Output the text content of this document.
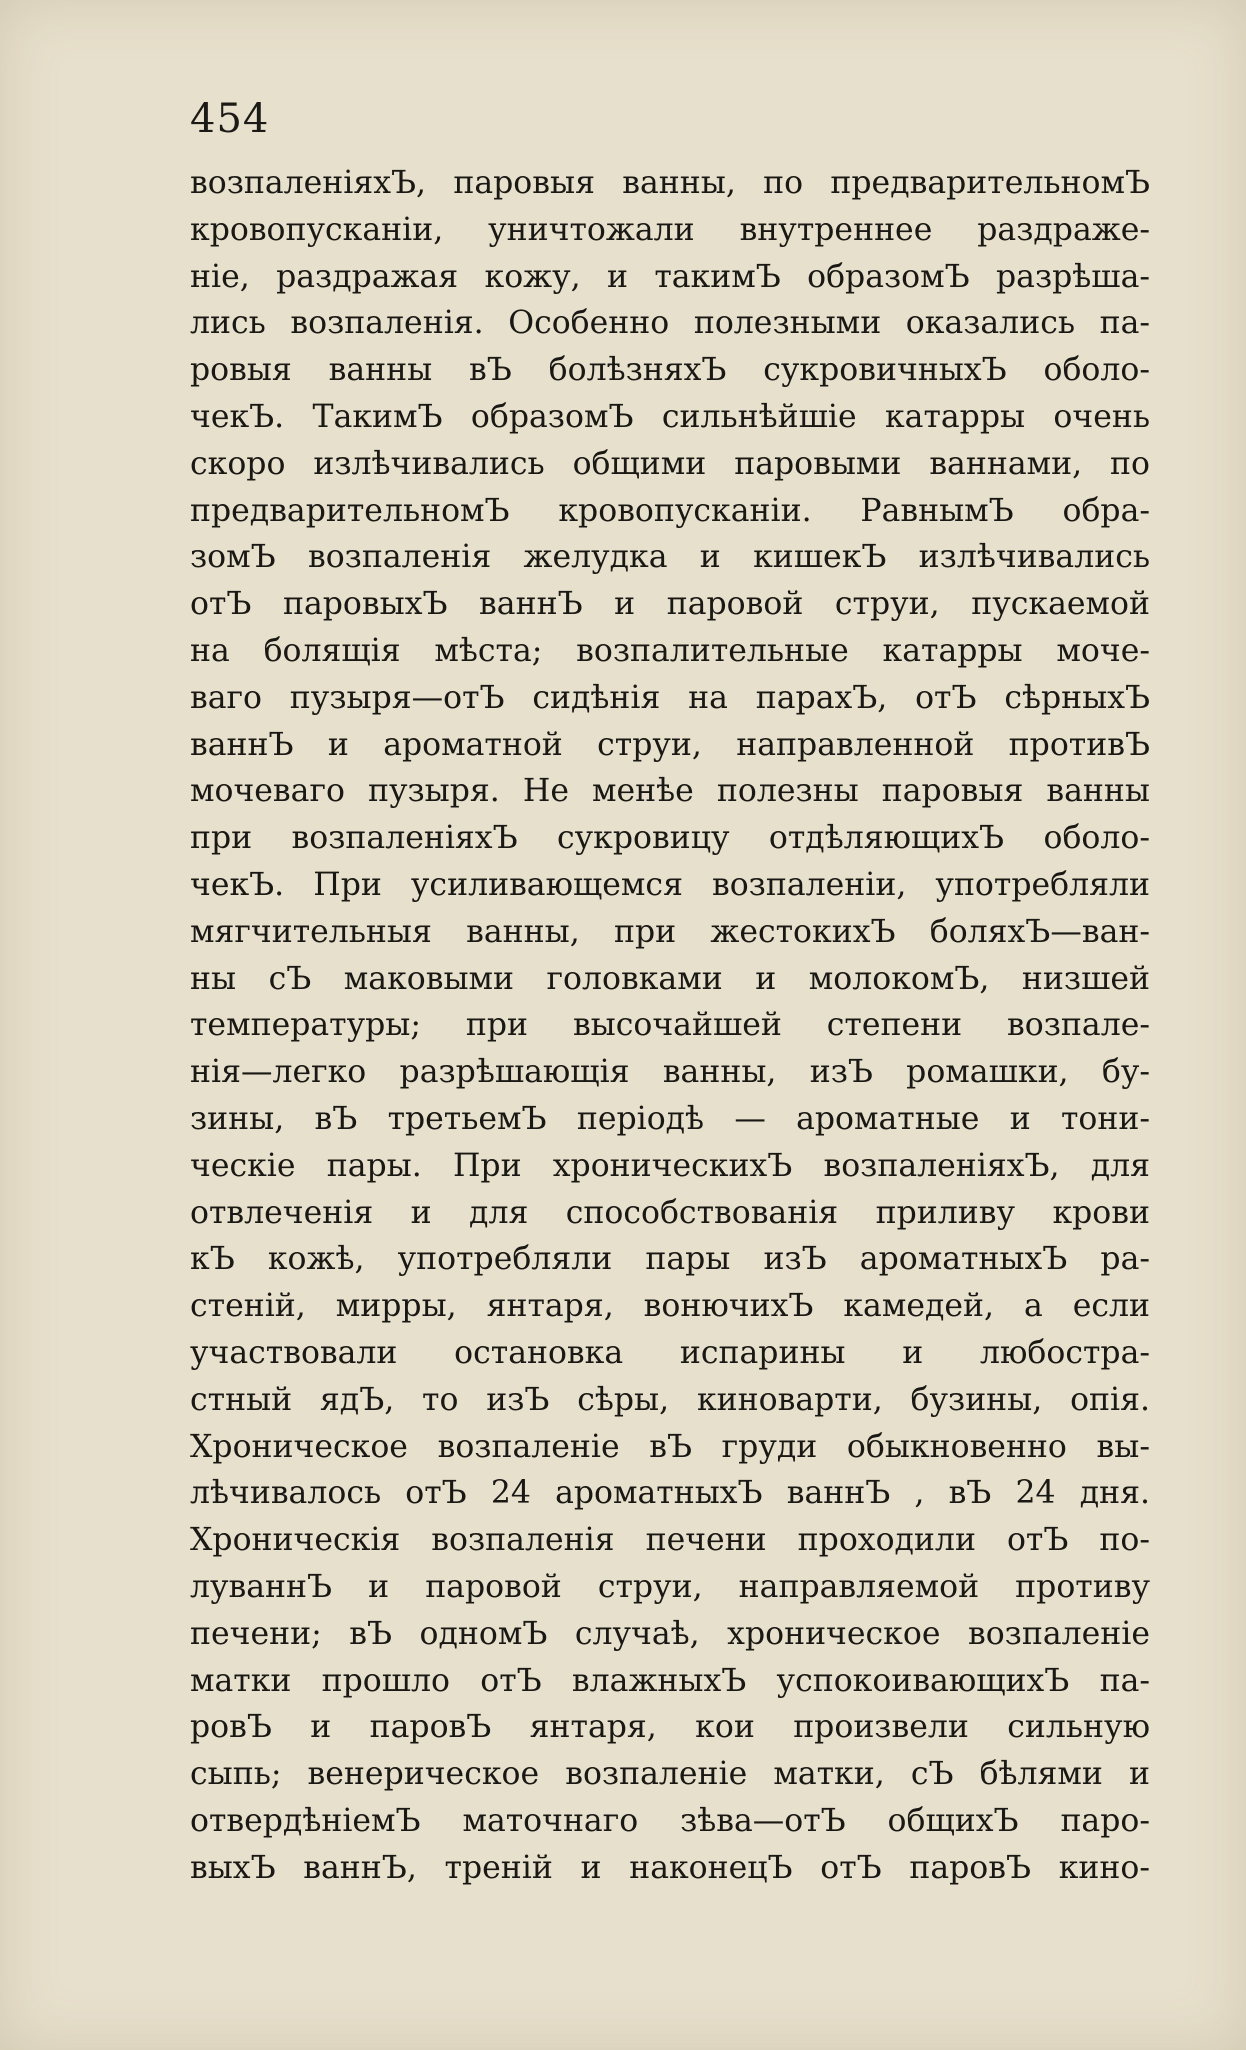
454
возпаленіяхЪ, паровыя ванны, по предварительномЪ
кровопусканіи, уничтожали внутреннее раздраже-
ніе, раздражая кожу, и такимЪ образомЪ разрѣша-
лись возпаленія. Особенно полезными оказались па-
ровыя ванны вЪ болѣзняхЪ сукровичныхЪ оболо-
чекЪ. ТакимЪ образомЪ сильнѣйшіе катарры очень
скоро излѣчивались общими паровыми ваннами, по
предварительномЪ кровопусканіи. РавнымЪ обра-
зомЪ возпаленія желудка и кишекЪ излѣчивались
отЪ паровыхЪ ваннЪ и паровой струи, пускаемой
на болящія мѣста; возпалительные катарры моче-
ваго пузыря—отЪ сидѣнія на парахЪ, отЪ сѣрныхЪ
ваннЪ и ароматной струи, направленной противЪ
мочеваго пузыря. Не менѣе полезны паровыя ванны
при возпаленіяхЪ сукровицу отдѣляющихЪ оболо-
чекЪ. При усиливающемся возпаленіи, употребляли
мягчительныя ванны, при жестокихЪ боляхЪ—ван-
ны сЪ маковыми головками и молокомЪ, низшей
температуры; при высочайшей степени возпале-
нія—легко разрѣшающія ванны, изЪ ромашки, бу-
зины, вЪ третьемЪ періодѣ — ароматные и тони-
ческіе пары. При хроническихЪ возпаленіяхЪ, для
отвлеченія и для способствованія приливу крови
кЪ кожѣ, употребляли пары изЪ ароматныхЪ ра-
стеній, мирры, янтаря, вонючихЪ камедей, а если
участвовали остановка испарины и любостра-
стный ядЪ, то изЪ сѣры, киноварти, бузины, опія.
Хроническое возпаленіе вЪ груди обыкновенно вы-
лѣчивалось отЪ 24 ароматныхЪ ваннЪ , вЪ 24 дня.
Хроническія возпаленія печени проходили отЪ по-
луваннЪ и паровой струи, направляемой противу
печени; вЪ одномЪ случаѣ, хроническое возпаленіе
матки прошло отЪ влажныхЪ успокоивающихЪ па-
ровЪ и паровЪ янтаря, кои произвели сильную
сыпь; венерическое возпаленіе матки, сЪ бѣлями и
отвердѣніемЪ маточнаго зѣва—отЪ общихЪ паро-
выхЪ ваннЪ, треній и наконецЪ отЪ паровЪ кино-
